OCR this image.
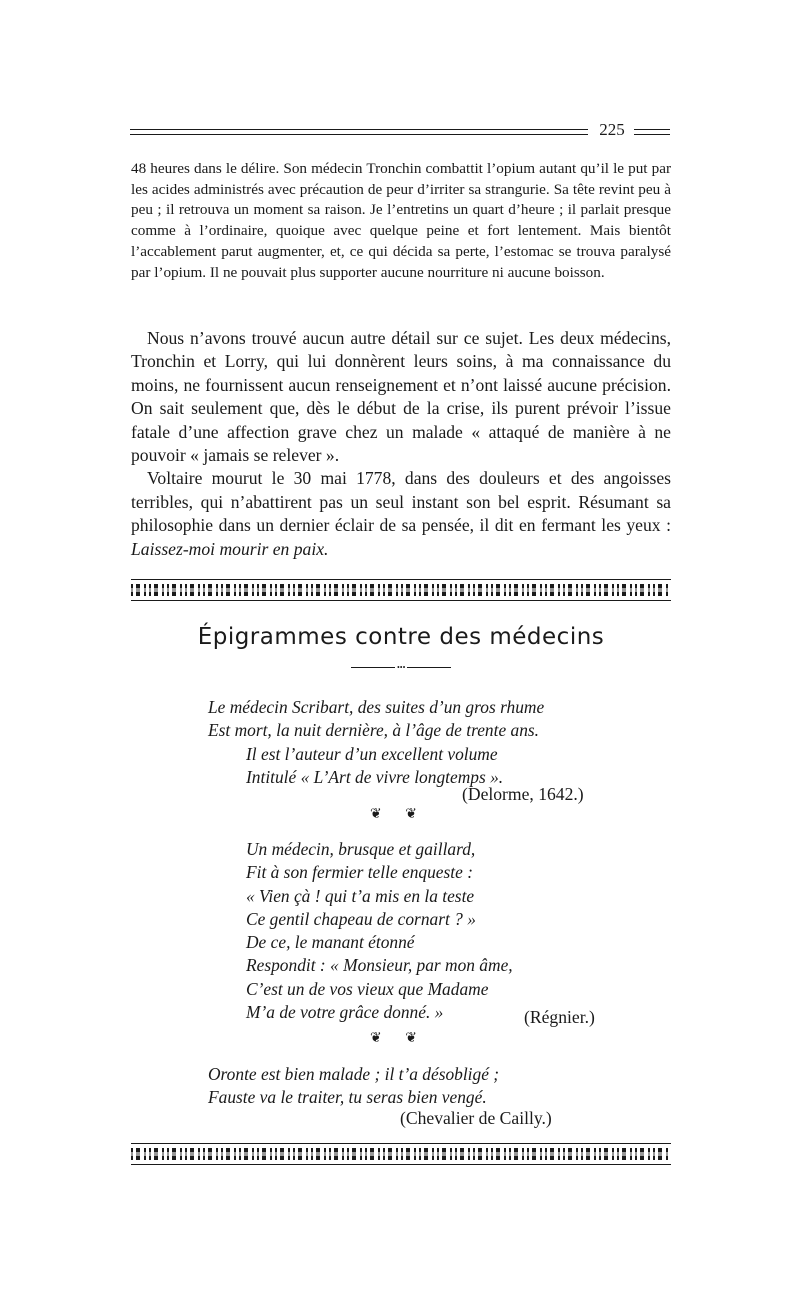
225

48 heures dans le délire. Son médecin Tronchin combattit l’opium autant qu’il le put par les acides administrés avec précaution de peur d’irriter sa strangurie. Sa tête revint peu à peu ; il retrouva un moment sa raison. Je l’entretins un quart d’heure ; il parlait presque comme à l’ordinaire, quoique avec quelque peine et fort lentement. Mais bientôt l’accablement parut augmenter, et, ce qui décida sa perte, l’estomac se trouva paralysé par l’opium. Il ne pouvait plus supporter aucune nourriture ni aucune boisson.

Nous n’avons trouvé aucun autre détail sur ce sujet. Les deux médecins, Tronchin et Lorry, qui lui donnèrent leurs soins, à ma connaissance du moins, ne fournissent aucun renseignement et n’ont laissé aucune précision. On sait seulement que, dès le début de la crise, ils purent prévoir l’issue fatale d’une affection grave chez un malade « attaqué de manière à ne pouvoir « jamais se relever ».

Voltaire mourut le 30 mai 1778, dans des douleurs et des angoisses terribles, qui n’abattirent pas un seul instant son bel esprit. Résumant sa philosophie dans un dernier éclair de sa pensée, il dit en fermant les yeux : Laissez-moi mourir en paix.

Épigrammes contre des médecins
•••
Le médecin Scribart, des suites d’un gros rhume
Est mort, la nuit dernière, à l’âge de trente ans.
Il est l’auteur d’un excellent volume
Intitulé « L’Art de vivre longtemps ».
(Delorme, 1642.)
❦ ❦
Un médecin, brusque et gaillard,
Fit à son fermier telle enqueste :
« Vien çà ! qui t’a mis en la teste
Ce gentil chapeau de cornart ? »
De ce, le manant étonné
Respondit : « Monsieur, par mon âme,
C’est un de vos vieux que Madame
M’a de votre grâce donné. »	(Régnier.)
❦ ❦
Oronte est bien malade ; il t’a désobligé ;
Fauste va le traiter, tu seras bien vengé.
(Chevalier de Cailly.)
